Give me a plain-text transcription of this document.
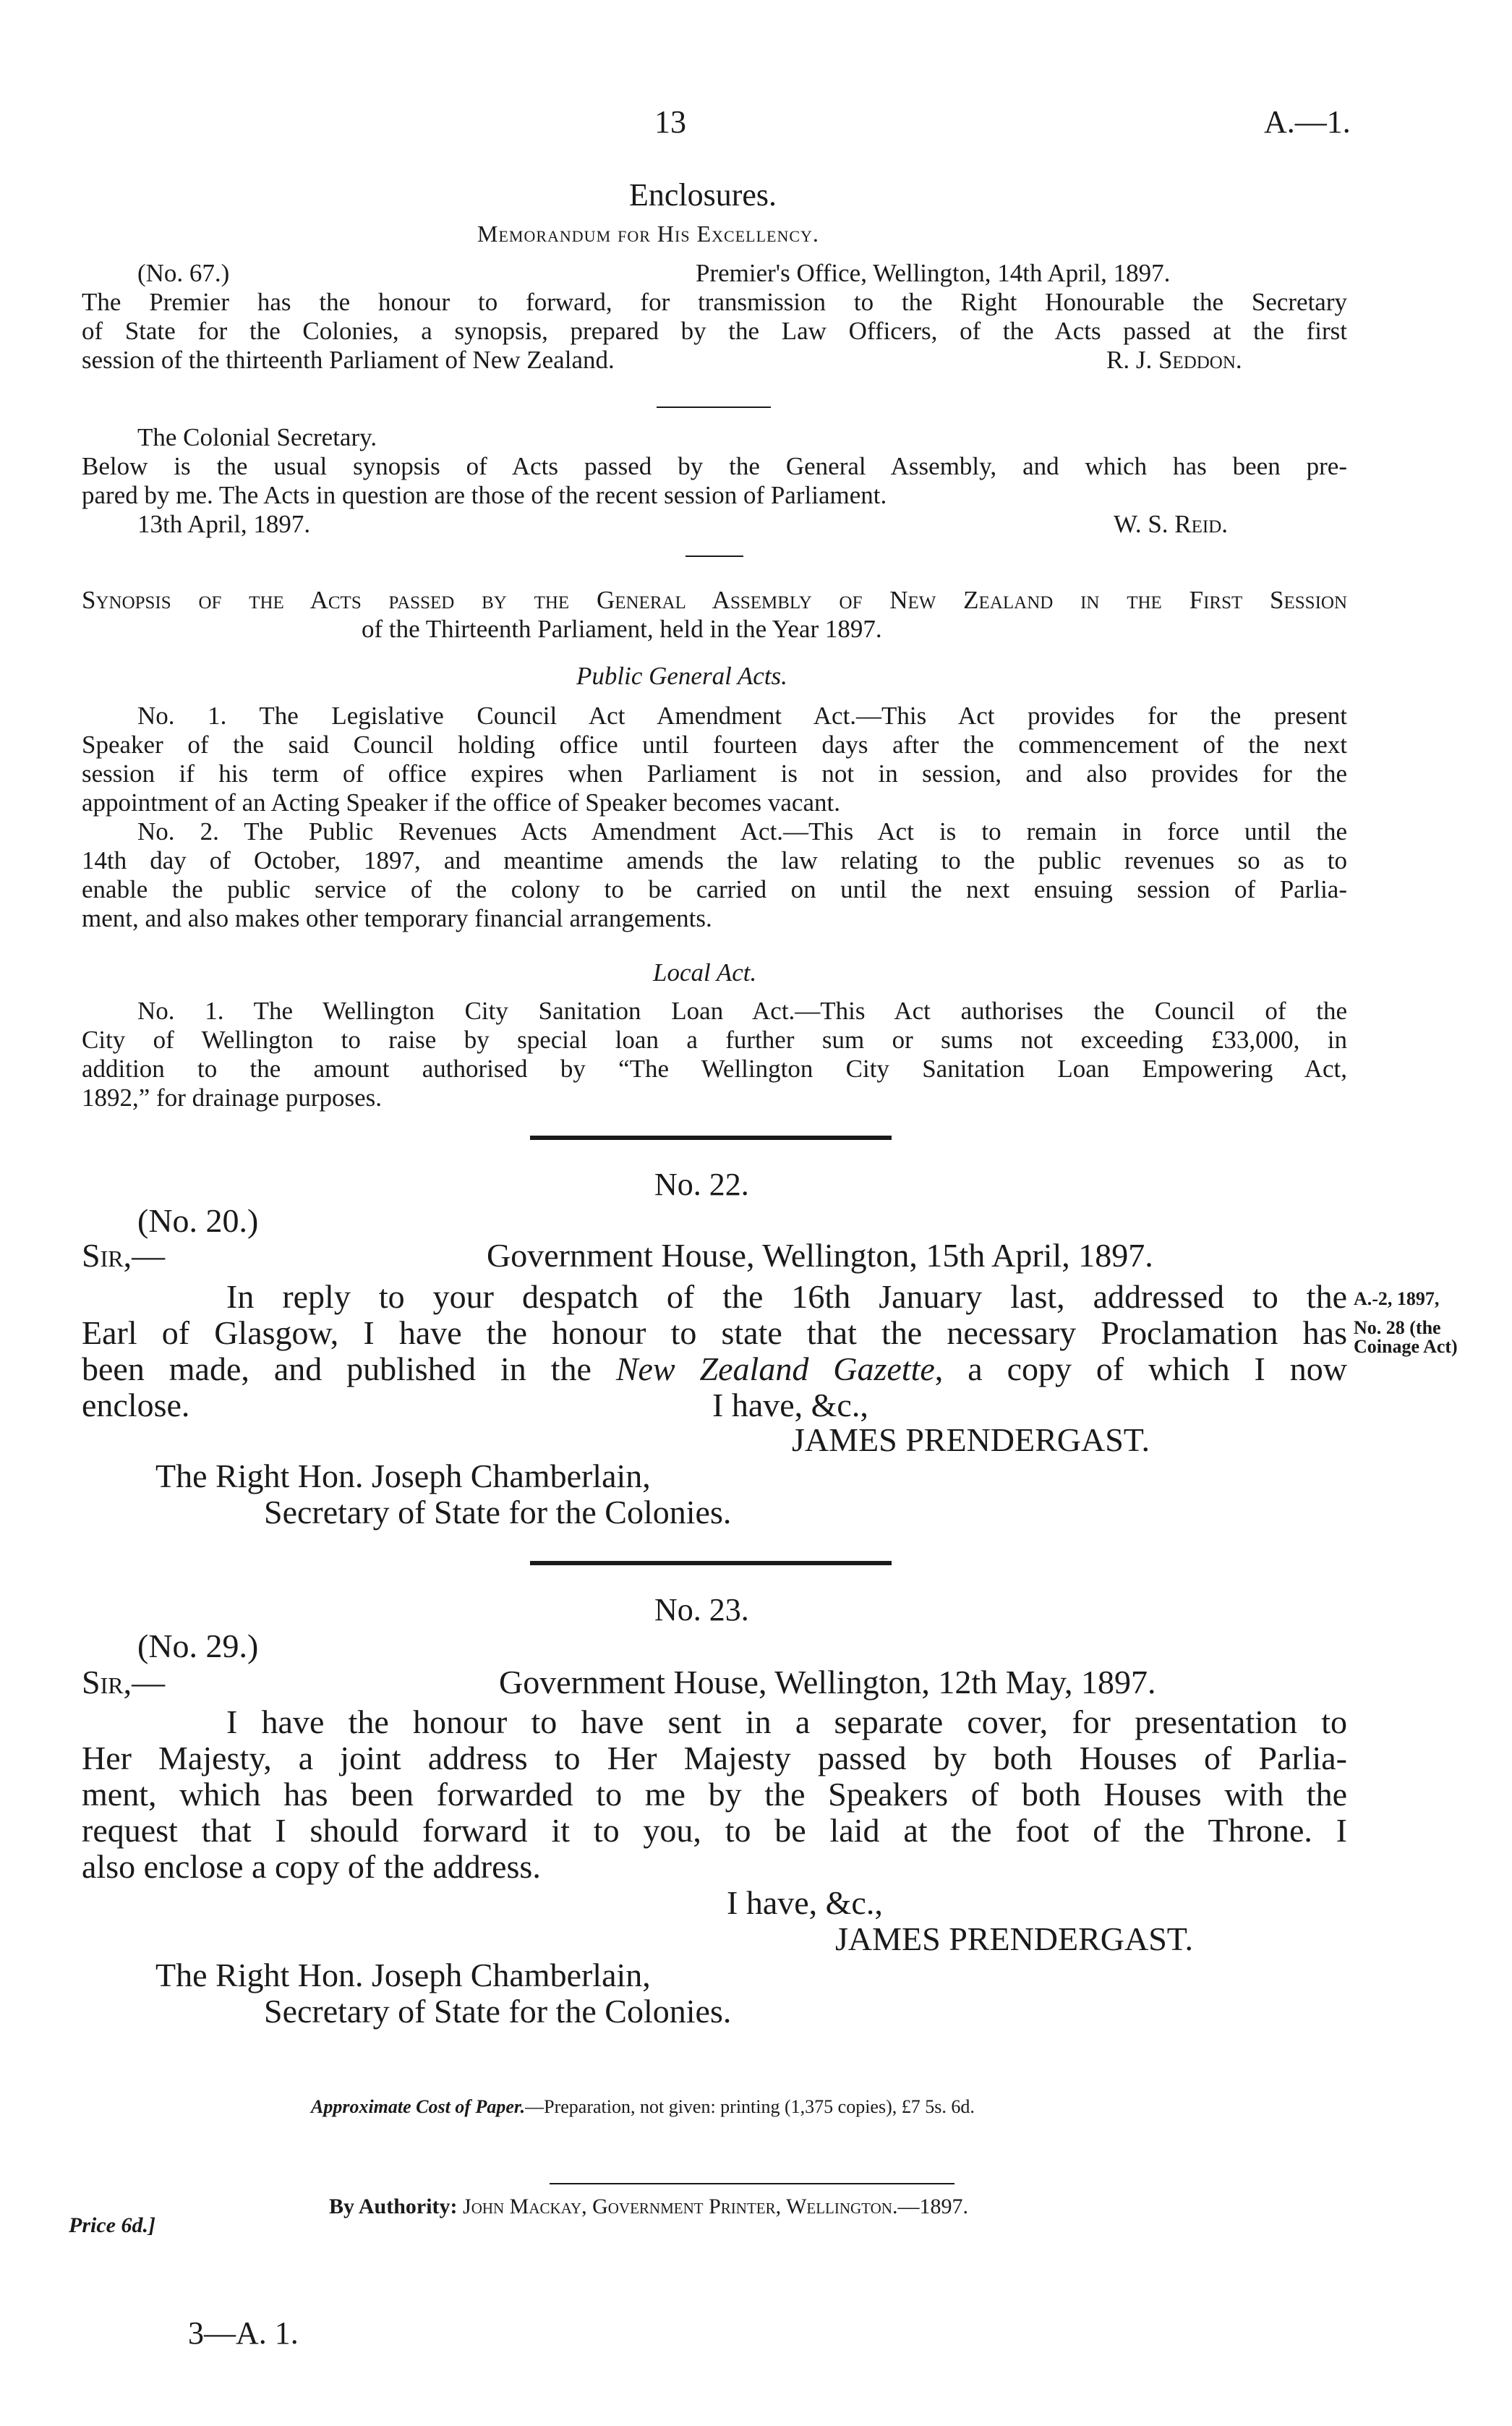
13	A.—1.
Enclosures.
Memorandum for His Excellency.
(No. 67.)	Premier's Office, Wellington, 14th April, 1897.
The Premier has the honour to forward, for transmission to the Right Honourable the Secretary
of State for the Colonies, a synopsis, prepared by the Law Officers, of the Acts passed at the first
session of the thirteenth Parliament of New Zealand.	R. J. Seddon.
The Colonial Secretary.
Below is the usual synopsis of Acts passed by the General Assembly, and which has been pre-
pared by me. The Acts in question are those of the recent session of Parliament.
13th April, 1897.	W. S. Reid.
Synopsis of the Acts passed by the General Assembly of New Zealand in the First Session
of the Thirteenth Parliament, held in the Year 1897.
Public General Acts.
No. 1. The Legislative Council Act Amendment Act.—This Act provides for the present
Speaker of the said Council holding office until fourteen days after the commencement of the next
session if his term of office expires when Parliament is not in session, and also provides for the
appointment of an Acting Speaker if the office of Speaker becomes vacant.
No. 2. The Public Revenues Acts Amendment Act.—This Act is to remain in force until the
14th day of October, 1897, and meantime amends the law relating to the public revenues so as to
enable the public service of the colony to be carried on until the next ensuing session of Parlia-
ment, and also makes other temporary financial arrangements.
Local Act.
No. 1. The Wellington City Sanitation Loan Act.—This Act authorises the Council of the
City of Wellington to raise by special loan a further sum or sums not exceeding £33,000, in
addition to the amount authorised by “The Wellington City Sanitation Loan Empowering Act,
1892,” for drainage purposes.
No. 22.
(No. 20.)
Sir,—	Government House, Wellington, 15th April, 1897.
In reply to your despatch of the 16th January last, addressed to the
Earl of Glasgow, I have the honour to state that the necessary Proclamation has
been made, and published in the New Zealand Gazette, a copy of which I now
enclose.	I have, &c.,
JAMES PRENDERGAST.
The Right Hon. Joseph Chamberlain,
Secretary of State for the Colonies.
A.-2, 1897,
No. 28 (the
Coinage Act)
No. 23.
(No. 29.)
Sir,—	Government House, Wellington, 12th May, 1897.
I have the honour to have sent in a separate cover, for presentation to
Her Majesty, a joint address to Her Majesty passed by both Houses of Parlia-
ment, which has been forwarded to me by the Speakers of both Houses with the
request that I should forward it to you, to be laid at the foot of the Throne. I
also enclose a copy of the address.
I have, &c.,
JAMES PRENDERGAST.
The Right Hon. Joseph Chamberlain,
Secretary of State for the Colonies.
Approximate Cost of Paper.—Preparation, not given: printing (1,375 copies), £7 5s. 6d.
By Authority: John Mackay, Government Printer, Wellington.—1897.
Price 6d.]
3—A. 1.
